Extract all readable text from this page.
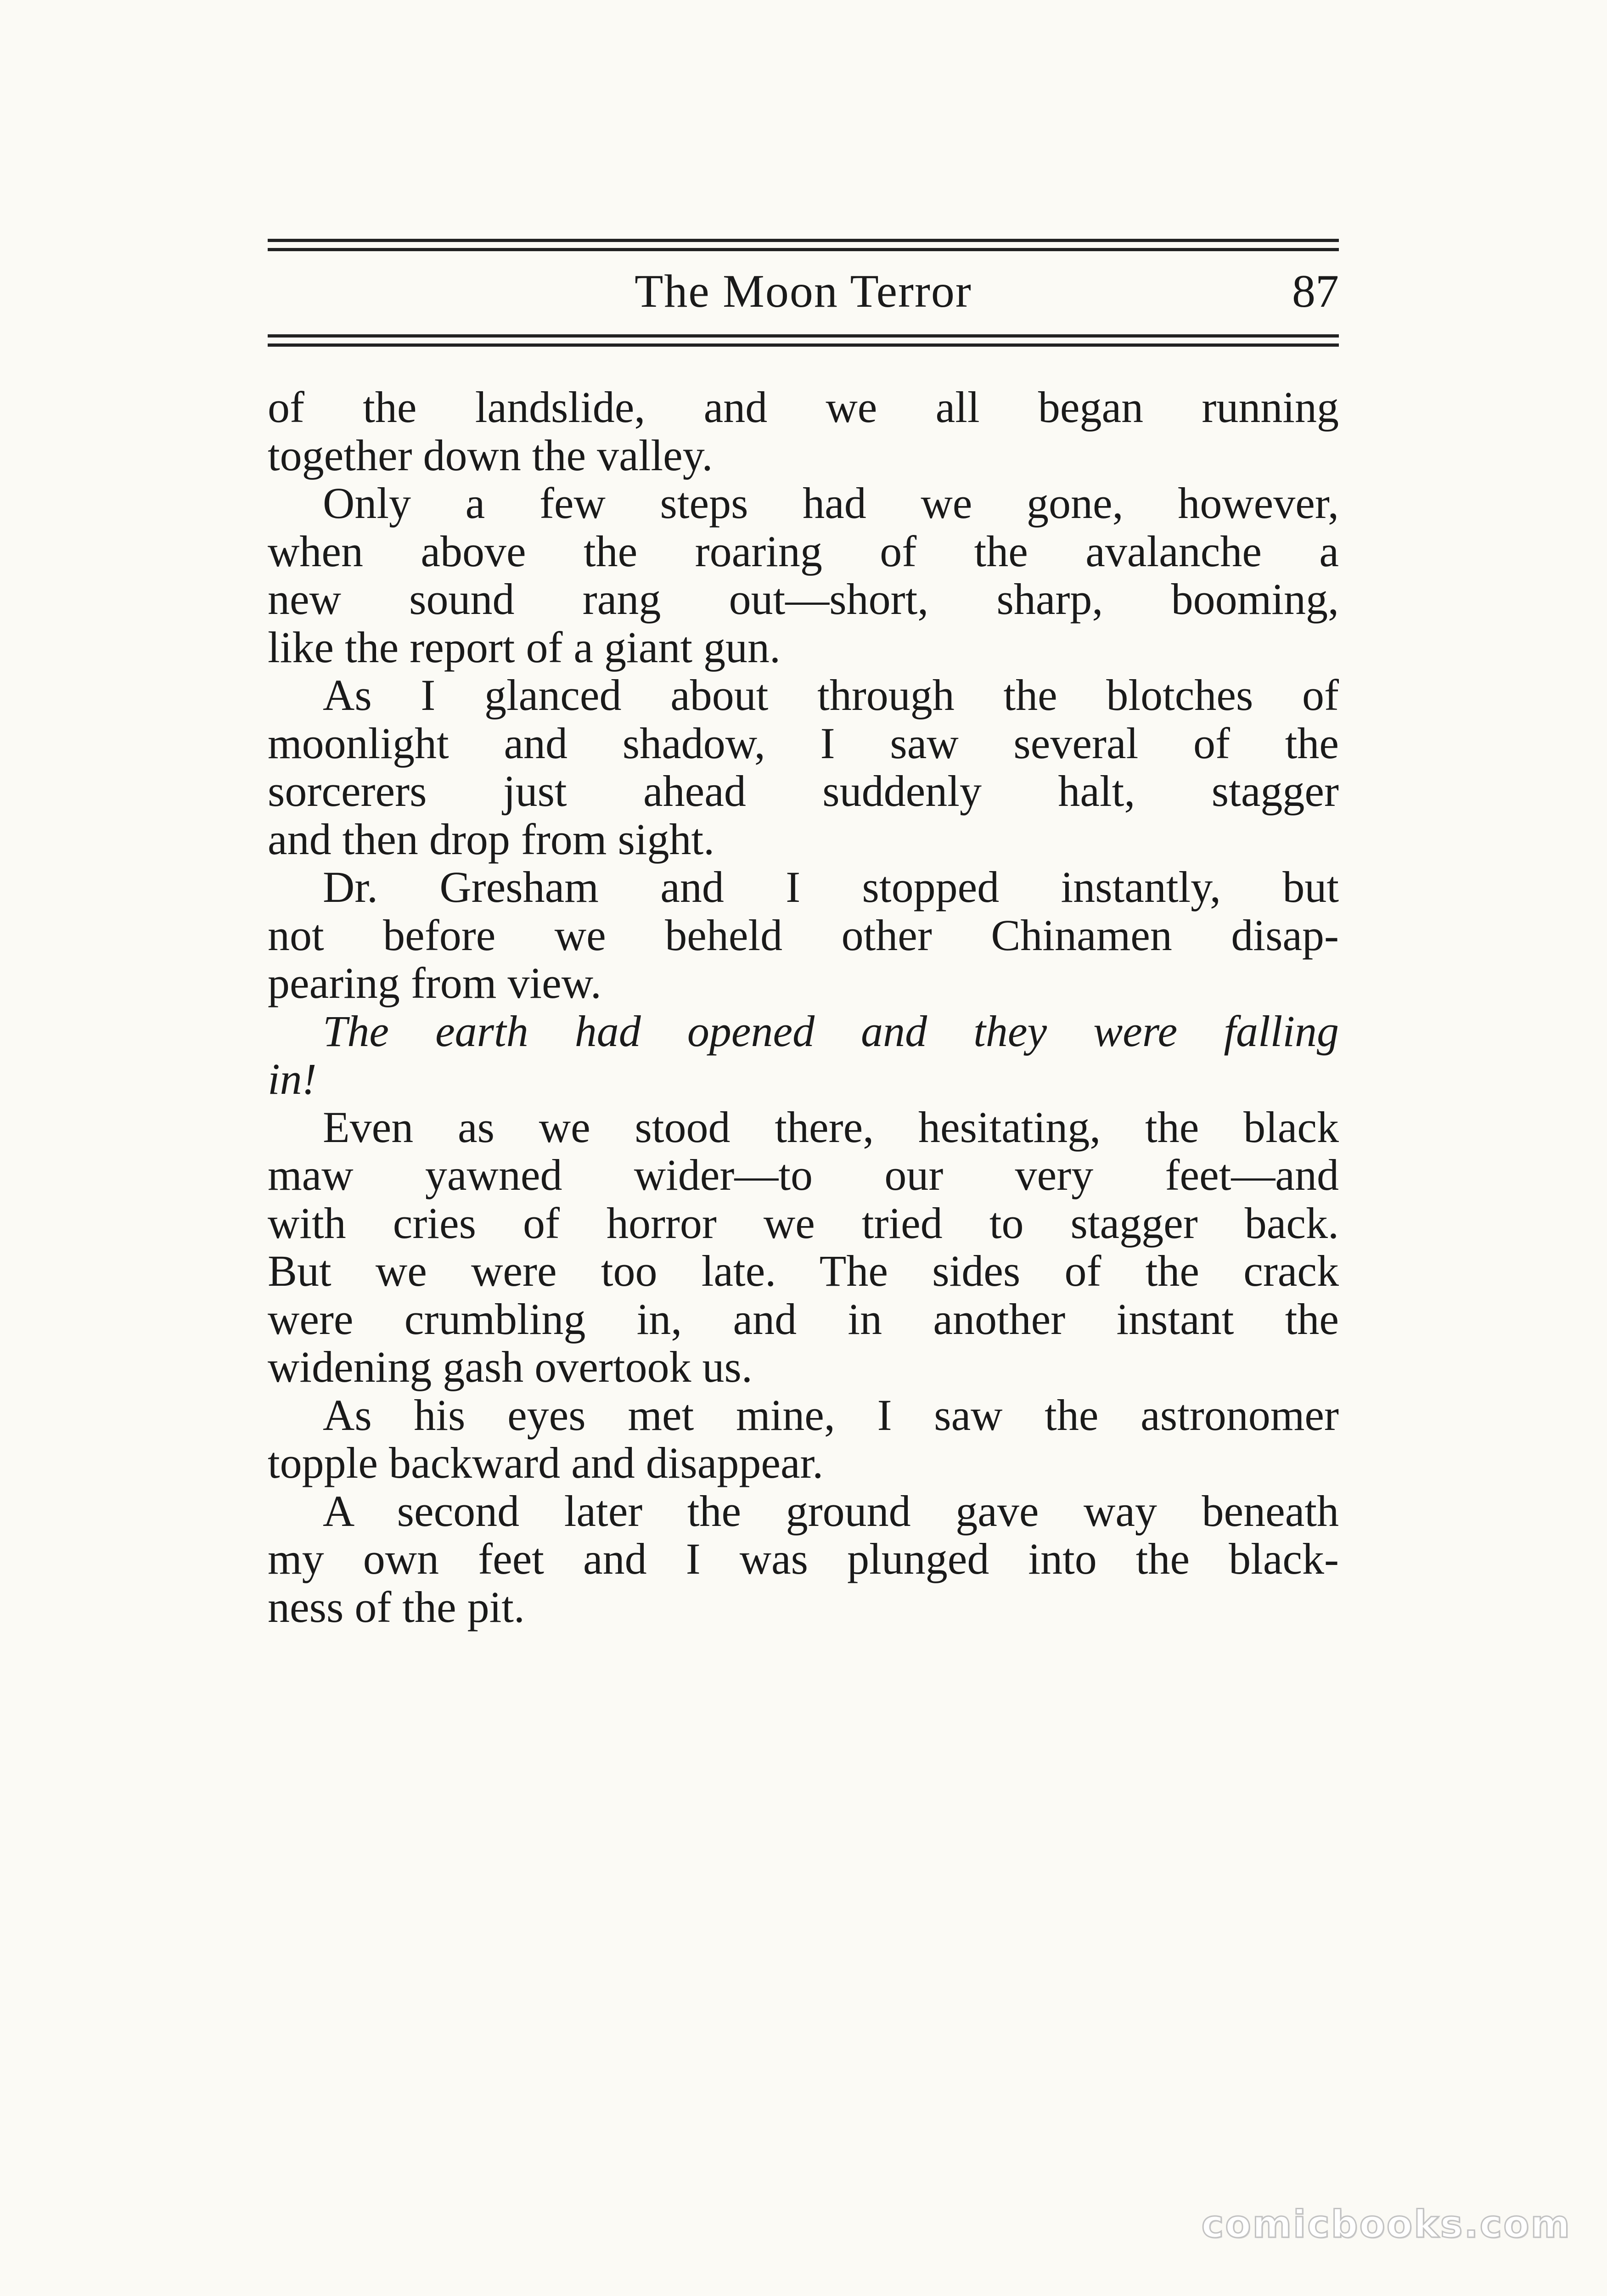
The Moon Terror	87
of the landslide, and we all began running
together down the valley.
Only a few steps had we gone, however,
when above the roaring of the avalanche a
new sound rang out—short, sharp, booming,
like the report of a giant gun.
As I glanced about through the blotches of
moonlight and shadow, I saw several of the
sorcerers just ahead suddenly halt, stagger
and then drop from sight.
Dr. Gresham and I stopped instantly, but
not before we beheld other Chinamen disap-
pearing from view.
The earth had opened and they were falling
in!
Even as we stood there, hesitating, the black
maw yawned wider—to our very feet—and
with cries of horror we tried to stagger back.
But we were too late. The sides of the crack
were crumbling in, and in another instant the
widening gash overtook us.
As his eyes met mine, I saw the astronomer
topple backward and disappear.
A second later the ground gave way beneath
my own feet and I was plunged into the black-
ness of the pit.
comicbooks.com
